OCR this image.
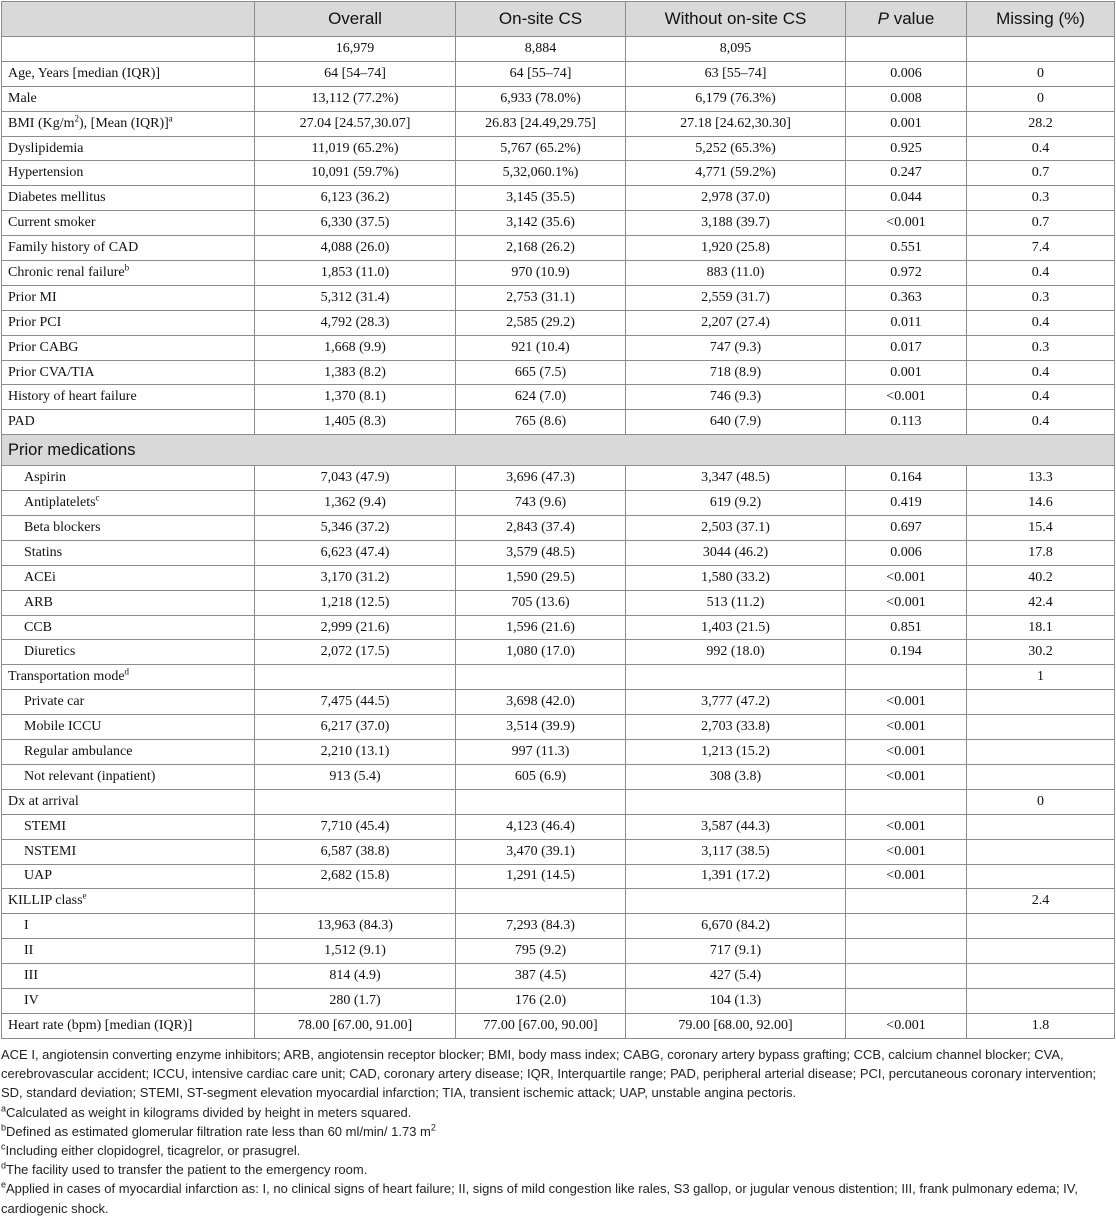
	Overall	On-site CS	Without on-site CS	P value	Missing (%)
	16,979	8,884	8,095		
Age, Years [median (IQR)]	64 [54–74]	64 [55–74]	63 [55–74]	0.006	0
Male	13,112 (77.2%)	6,933 (78.0%)	6,179 (76.3%)	0.008	0
BMI $(Kg/m^2)$, [Mean (IQR)]$^a$	27.04 [24.57,30.07]	26.83 [24.49,29.75]	27.18 [24.62,30.30]	0.001	28.2
Dyslipidemia	11,019 (65.2%)	5,767 (65.2%)	5,252 (65.3%)	0.925	0.4
Hypertension	10,091 (59.7%)	5,32,060.1%)	4,771 (59.2%)	0.247	0.7
Diabetes mellitus	6,123 (36.2)	3,145 (35.5)	2,978 (37.0)	0.044	0.3
Current smoker	6,330 (37.5)	3,142 (35.6)	3,188 (39.7)	<0.001	0.7
Family history of CAD	4,088 (26.0)	2,168 (26.2)	1,920 (25.8)	0.551	7.4
Chronic renal failure$^b$	1,853 (11.0)	970 (10.9)	883 (11.0)	0.972	0.4
Prior MI	5,312 (31.4)	2,753 (31.1)	2,559 (31.7)	0.363	0.3
Prior PCI	4,792 (28.3)	2,585 (29.2)	2,207 (27.4)	0.011	0.4
Prior CABG	1,668 (9.9)	921 (10.4)	747 (9.3)	0.017	0.3
Prior CVA/TIA	1,383 (8.2)	665 (7.5)	718 (8.9)	0.001	0.4
History of heart failure	1,370 (8.1)	624 (7.0)	746 (9.3)	<0.001	0.4
PAD	1,405 (8.3)	765 (8.6)	640 (7.9)	0.113	0.4
Prior medications					
Aspirin	7,043 (47.9)	3,696 (47.3)	3,347 (48.5)	0.164	13.3
Antiplatelets$^c$	1,362 (9.4)	743 (9.6)	619 (9.2)	0.419	14.6
Beta blockers	5,346 (37.2)	2,843 (37.4)	2,503 (37.1)	0.697	15.4
Statins	6,623 (47.4)	3,579 (48.5)	3044 (46.2)	0.006	17.8
ACEi	3,170 (31.2)	1,590 (29.5)	1,580 (33.2)	<0.001	40.2
ARB	1,218 (12.5)	705 (13.6)	513 (11.2)	<0.001	42.4
CCB	2,999 (21.6)	1,596 (21.6)	1,403 (21.5)	0.851	18.1
Diuretics	2,072 (17.5)	1,080 (17.0)	992 (18.0)	0.194	30.2
Transportation mode$^d$					1
Private car	7,475 (44.5)	3,698 (42.0)	3,777 (47.2)	<0.001	
Mobile ICCU	6,217 (37.0)	3,514 (39.9)	2,703 (33.8)	<0.001	
Regular ambulance	2,210 (13.1)	997 (11.3)	1,213 (15.2)	<0.001	
Not relevant (inpatient)	913 (5.4)	605 (6.9)	308 (3.8)	<0.001	
Dx at arrival					0
STEMI	7,710 (45.4)	4,123 (46.4)	3,587 (44.3)	<0.001	
NSTEMI	6,587 (38.8)	3,470 (39.1)	3,117 (38.5)	<0.001	
UAP	2,682 (15.8)	1,291 (14.5)	1,391 (17.2)	<0.001	
KILLIP class$^e$					2.4
I	13,963 (84.3)	7,293 (84.3)	6,670 (84.2)		
II	1,512 (9.1)	795 (9.2)	717 (9.1)		
III	814 (4.9)	387 (4.5)	427 (5.4)		
IV	280 (1.7)	176 (2.0)	104 (1.3)		
Heart rate (bpm) [median (IQR)]	78.00 [67.00, 91.00]	77.00 [67.00, 90.00]	79.00 [68.00, 92.00]	<0.001	1.8

ACE I, angiotensin converting enzyme inhibitors; ARB, angiotensin receptor blocker; BMI, body mass index; CABG, coronary artery bypass grafting; CCB, calcium channel blocker; CVA, cerebrovascular accident; ICCU, intensive cardiac care unit; CAD, coronary artery disease; IQR, Interquartile range; PAD, peripheral arterial disease; PCI, percutaneous coronary intervention; SD, standard deviation; STEMI, ST-segment elevation myocardial infarction; TIA, transient ischemic attack; UAP, unstable angina pectoris.

$^a$Calculated as weight in kilograms divided by height in meters squared.

$^b$Defined as estimated glomerular filtration rate less than 60 ml/min/ 1.73 $m^2$

$^c$Including either clopidogrel, ticagrelor, or prasugrel.

$^d$The facility used to transfer the patient to the emergency room.

$^e$Applied in cases of myocardial infarction as: I, no clinical signs of heart failure; II, signs of mild congestion like rales, S3 gallop, or jugular venous distention; III, frank pulmonary edema; IV, cardiogenic shock.
